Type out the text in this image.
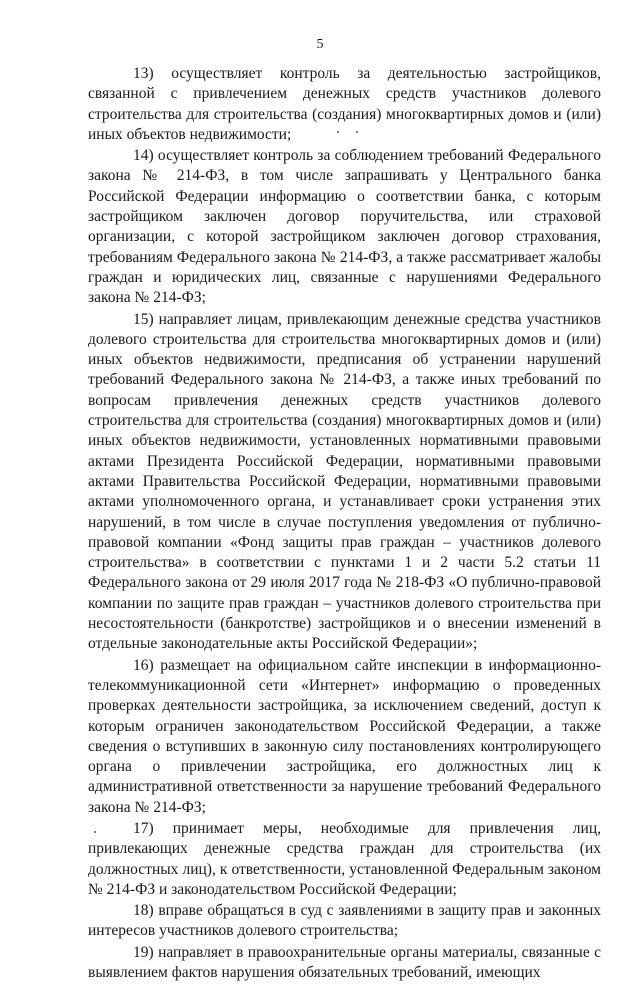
5

13) осуществляет контроль за деятельностью застройщиков, связанной с привлечением денежных средств участников долевого строительства для строительства (создания) многоквартирных домов и (или) иных объектов недвижимости;

14) осуществляет контроль за соблюдением требований Федерального закона № 214-ФЗ, в том числе запрашивать у Центрального банка Российской Федерации информацию о соответствии банка, с которым застройщиком заключен договор поручительства, или страховой организации, с которой застройщиком заключен договор страхования, требованиям Федерального закона № 214-ФЗ, а также рассматривает жалобы граждан и юридических лиц, связанные с нарушениями Федерального закона № 214-ФЗ;

15) направляет лицам, привлекающим денежные средства участников долевого строительства для строительства многоквартирных домов и (или) иных объектов недвижимости, предписания об устранении нарушений требований Федерального закона № 214-ФЗ, а также иных требований по вопросам привлечения денежных средств участников долевого строительства для строительства (создания) многоквартирных домов и (или) иных объектов недвижимости, установленных нормативными правовыми актами Президента Российской Федерации, нормативными правовыми актами Правительства Российской Федерации, нормативными правовыми актами уполномоченного органа, и устанавливает сроки устранения этих нарушений, в том числе в случае поступления уведомления от публично-правовой компании «Фонд защиты прав граждан – участников долевого строительства» в соответствии с пунктами 1 и 2 части 5.2 статьи 11 Федерального закона от 29 июля 2017 года № 218-ФЗ «О публично-правовой компании по защите прав граждан – участников долевого строительства при несостоятельности (банкротстве) застройщиков и о внесении изменений в отдельные законодательные акты Российской Федерации»;

16) размещает на официальном сайте инспекции в информационно-телекоммуникационной сети «Интернет» информацию о проведенных проверках деятельности застройщика, за исключением сведений, доступ к которым ограничен законодательством Российской Федерации, а также сведения о вступивших в законную силу постановлениях контролирующего органа о привлечении застройщика, его должностных лиц к административной ответственности за нарушение требований Федерального закона № 214-ФЗ;

17) принимает меры, необходимые для привлечения лиц, привлекающих денежные средства граждан для строительства (их должностных лиц), к ответственности, установленной Федеральным законом № 214-ФЗ и законодательством Российской Федерации;

18) вправе обращаться в суд с заявлениями в защиту прав и законных интересов участников долевого строительства;

19) направляет в правоохранительные органы материалы, связанные с выявлением фактов нарушения обязательных требований, имеющих
